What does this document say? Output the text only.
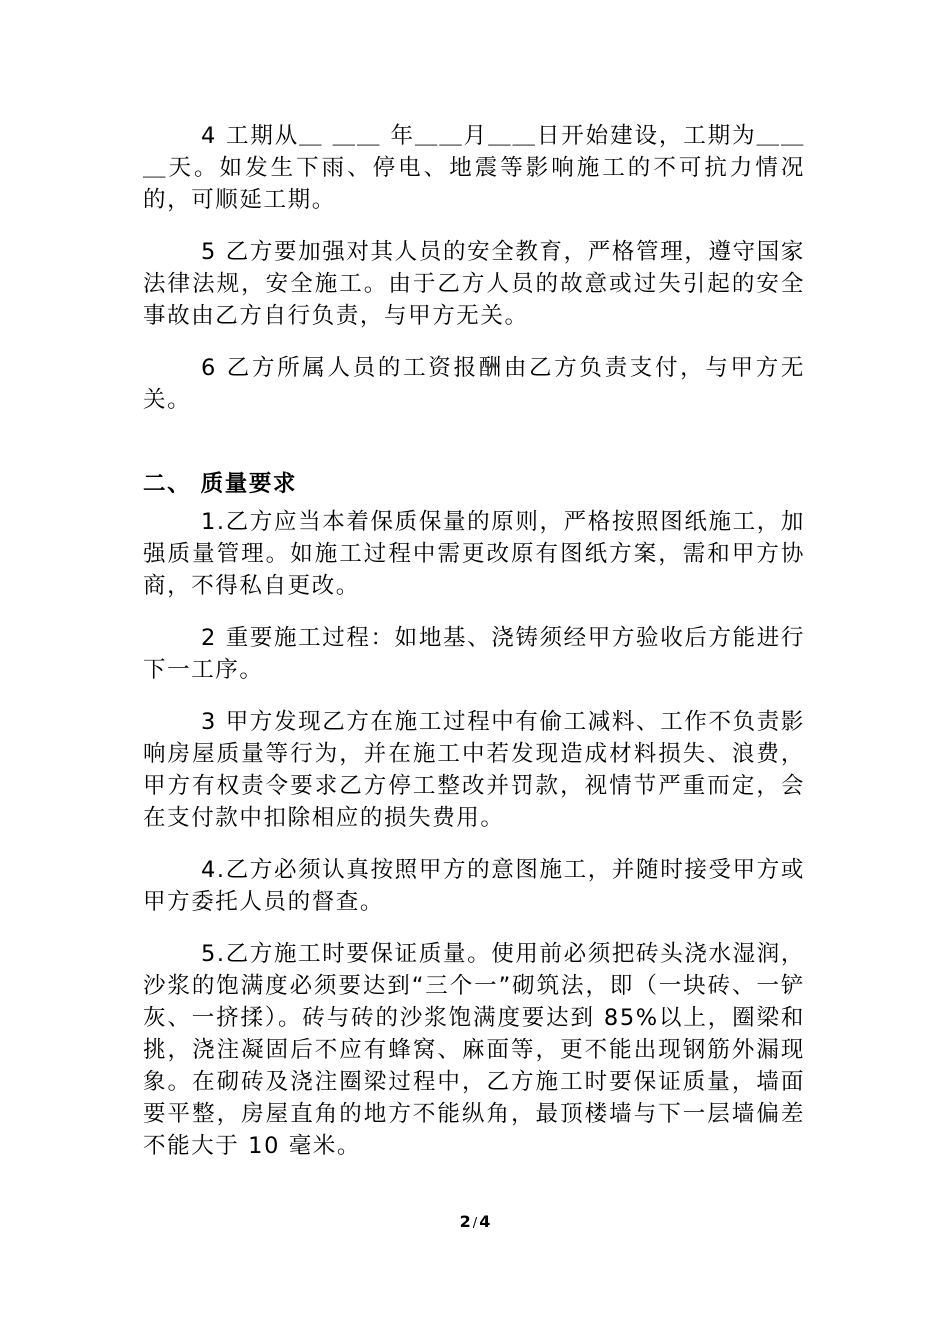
4 工期从＿ ＿＿ 年＿＿月＿＿日开始建设，工期为＿＿＿天。如发生下雨、停电、地震等影响施工的不可抗力情况的，可顺延工期。

5 乙方要加强对其人员的安全教育，严格管理，遵守国家法律法规，安全施工。由于乙方人员的故意或过失引起的安全事故由乙方自行负责，与甲方无关。

6 乙方所属人员的工资报酬由乙方负责支付，与甲方无关。

二、 质量要求

1.乙方应当本着保质保量的原则，严格按照图纸施工，加强质量管理。如施工过程中需更改原有图纸方案，需和甲方协商，不得私自更改。

2 重要施工过程：如地基、浇铸须经甲方验收后方能进行下一工序。

3 甲方发现乙方在施工过程中有偷工减料、工作不负责影响房屋质量等行为，并在施工中若发现造成材料损失、浪费，甲方有权责令要求乙方停工整改并罚款，视情节严重而定，会在支付款中扣除相应的损失费用。

4.乙方必须认真按照甲方的意图施工，并随时接受甲方或甲方委托人员的督查。

5.乙方施工时要保证质量。使用前必须把砖头浇水湿润， 沙浆的饱满度必须要达到“三个一”砌筑法，即（一块砖、一铲灰、一挤揉）。砖与砖的沙浆饱满度要达到 85%以上，圈梁和挑，浇注凝固后不应有蜂窝、麻面等，更不能出现钢筋外漏现象。在砌砖及浇注圈梁过程中，乙方施工时要保证质量，墙面要平整，房屋直角的地方不能纵角，最顶楼墙与下一层墙偏差不能大于 10 毫米。

2 / 4
